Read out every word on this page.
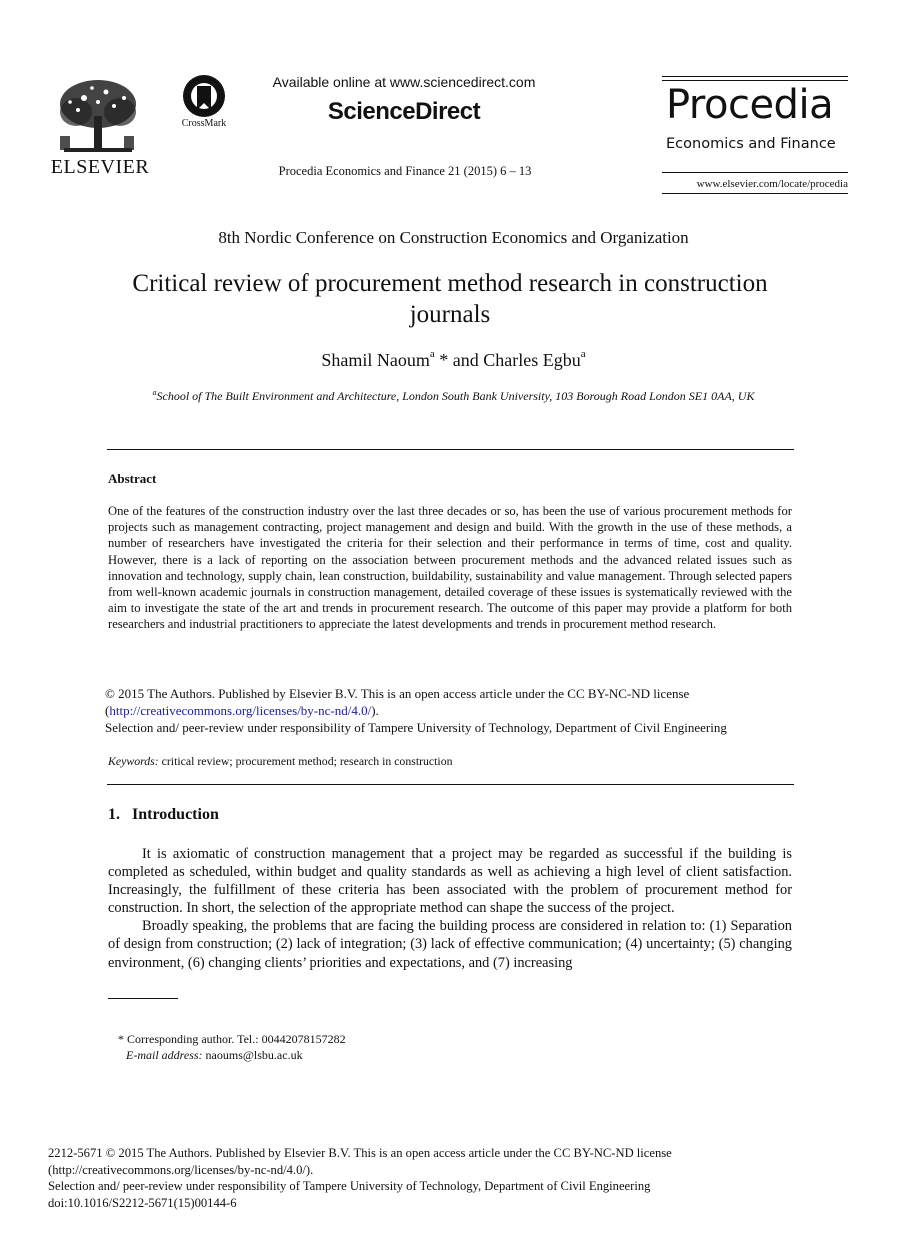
ELSEVIER
CrossMark
Available online at www.sciencedirect.com
ScienceDirect
Procedia Economics and Finance 21 (2015) 6 – 13
Procedia
Economics and Finance
www.elsevier.com/locate/procedia
8th Nordic Conference on Construction Economics and Organization
Critical review of procurement method research in construction journals
Shamil Naoum$^a$ * and Charles Egbu$^a$
$^a$School of The Built Environment and Architecture, London South Bank University, 103 Borough Road London SE1 0AA, UK
Abstract
One of the features of the construction industry over the last three decades or so, has been the use of various procurement methods for projects such as management contracting, project management and design and build. With the growth in the use of these methods, a number of researchers have investigated the criteria for their selection and their performance in terms of time, cost and quality. However, there is a lack of reporting on the association between procurement methods and the advanced related issues such as innovation and technology, supply chain, lean construction, buildability, sustainability and value management. Through selected papers from well-known academic journals in construction management, detailed coverage of these issues is systematically reviewed with the aim to investigate the state of the art and trends in procurement research. The outcome of this paper may provide a platform for both researchers and industrial practitioners to appreciate the latest developments and trends in procurement method research.
© 2015 The Authors. Published by Elsevier B.V. This is an open access article under the CC BY-NC-ND license
(http://creativecommons.org/licenses/by-nc-nd/4.0/).
Selection and/ peer-review under responsibility of Tampere University of Technology, Department of Civil Engineering
Keywords: critical review; procurement method; research in construction
1. Introduction

It is axiomatic of construction management that a project may be regarded as successful if the building is completed as scheduled, within budget and quality standards as well as achieving a high level of client satisfaction. Increasingly, the fulfillment of these criteria has been associated with the problem of procurement method for construction. In short, the selection of the appropriate method can shape the success of the project.

Broadly speaking, the problems that are facing the building process are considered in relation to: (1) Separation of design from construction; (2) lack of integration; (3) lack of effective communication; (4) uncertainty; (5) changing environment, (6) changing clients’ priorities and expectations, and (7) increasing

* Corresponding author. Tel.: 00442078157282
E-mail address: naoums@lsbu.ac.uk
2212-5671 © 2015 The Authors. Published by Elsevier B.V. This is an open access article under the CC BY-NC-ND license
(http://creativecommons.org/licenses/by-nc-nd/4.0/).
Selection and/ peer-review under responsibility of Tampere University of Technology, Department of Civil Engineering
doi:10.1016/S2212-5671(15)00144-6
